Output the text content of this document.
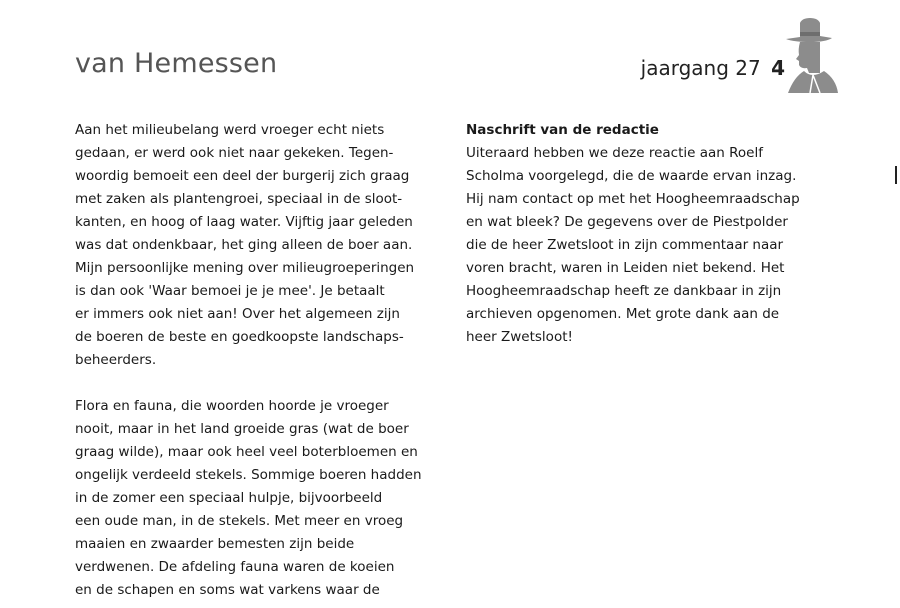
van Hemessen	jaargang 27 4
Aan het milieubelang werd vroeger echt niets
gedaan, er werd ook niet naar gekeken. Tegen-
woordig bemoeit een deel der burgerij zich graag
met zaken als plantengroei, speciaal in de sloot-
kanten, en hoog of laag water. Vijftig jaar geleden
was dat ondenkbaar, het ging alleen de boer aan.
Mijn persoonlijke mening over milieugroeperingen
is dan ook 'Waar bemoei je je mee'. Je betaalt
er immers ook niet aan! Over het algemeen zijn
de boeren de beste en goedkoopste landschaps-
beheerders.
Flora en fauna, die woorden hoorde je vroeger
nooit, maar in het land groeide gras (wat de boer
graag wilde), maar ook heel veel boterbloemen en
ongelijk verdeeld stekels. Sommige boeren hadden
in de zomer een speciaal hulpje, bijvoorbeeld
een oude man, in de stekels. Met meer en vroeg
maaien en zwaarder bemesten zijn beide
verdwenen. De afdeling fauna waren de koeien
en de schapen en soms wat varkens waar de
Naschrift van de redactie
Uiteraard hebben we deze reactie aan Roelf
Scholma voorgelegd, die de waarde ervan inzag.
Hij nam contact op met het Hoogheemraadschap
en wat bleek? De gegevens over de Piestpolder
die de heer Zwetsloot in zijn commentaar naar
voren bracht, waren in Leiden niet bekend. Het
Hoogheemraadschap heeft ze dankbaar in zijn
archieven opgenomen. Met grote dank aan de
heer Zwetsloot!
